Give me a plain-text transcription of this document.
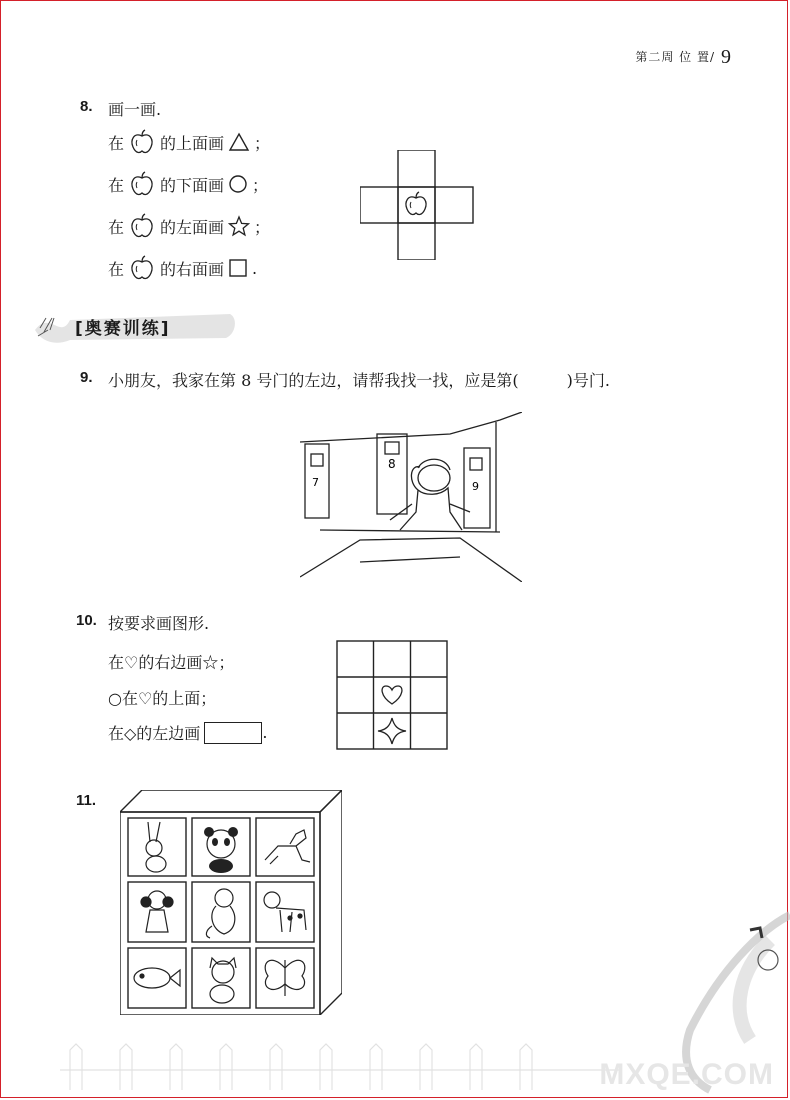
第二周 位 置/ 9
8. 画一画.
在 的上面画 ；
在 的下面画 ；
在 的左面画 ；
在 的右面画 .
[奥赛训练]
9. 小朋友，我家在第 8 号门的左边，请帮我找一找，应是第(　　　)号门.
7
8
9
10. 按要求画图形.
在♡的右边画☆；
○在♡的上面；
在◇的左边画	.
11.
MXQE.COM
